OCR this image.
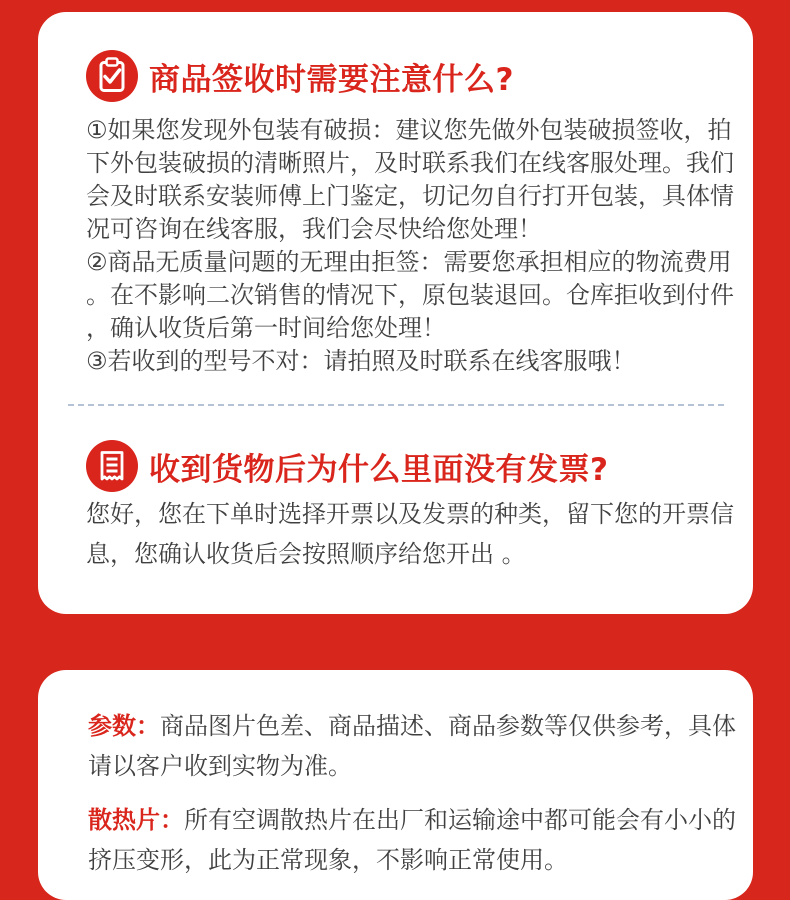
商品签收时需要注意什么?
①如果您发现外包装有破损：建议您先做外包装破损签收，拍
下外包装破损的清晰照片，及时联系我们在线客服处理。我们
会及时联系安装师傅上门鉴定，切记勿自行打开包装，具体情
况可咨询在线客服，我们会尽快给您处理！
②商品无质量问题的无理由拒签：需要您承担相应的物流费用
。在不影响二次销售的情况下，原包装退回。仓库拒收到付件
，确认收货后第一时间给您处理！
③若收到的型号不对：请拍照及时联系在线客服哦！
收到货物后为什么里面没有发票?
您好，您在下单时选择开票以及发票的种类，留下您的开票信
息，您确认收货后会按照顺序给您开出 。

参数：商品图片色差、商品描述、商品参数等仅供参考，具体请以客户收到实物为准。

散热片：所有空调散热片在出厂和运输途中都可能会有小小的挤压变形，此为正常现象，不影响正常使用。
